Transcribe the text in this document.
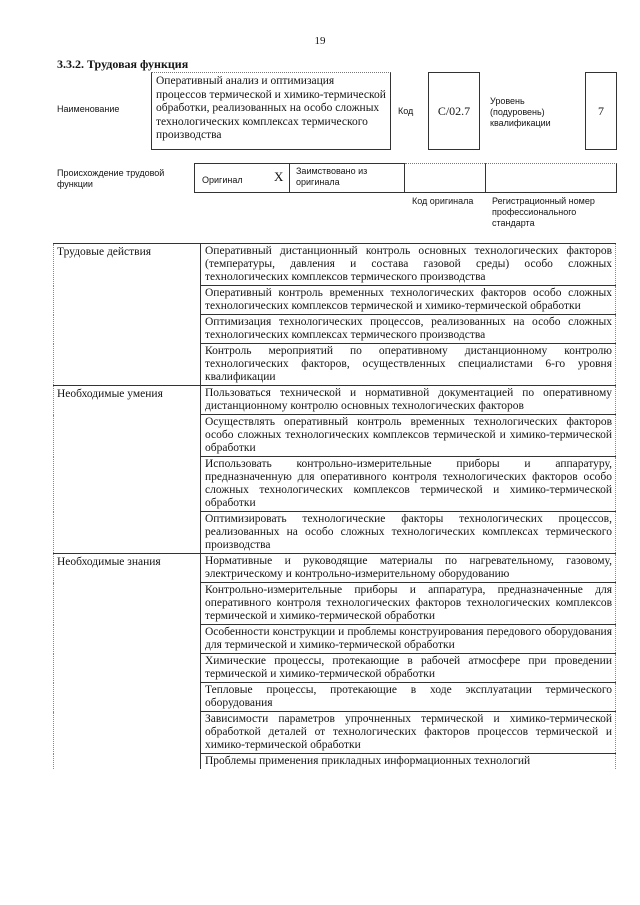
19
3.3.2. Трудовая функция
Наименование
Оперативный анализ и оптимизация процессов термической и химико-термической обработки, реализованных на особо сложных технологических комплексах термического производства
Код	C/02.7
Уровень (подуровень) квалификации
7
Происхождение трудовой функции	Оригинал X Заимствовано из оригинала
Код оригинала Регистрационный номер профессионального стандарта
Трудовые действия	Оперативный дистанционный контроль основных технологических факторов (температуры, давления и состава газовой среды) особо сложных технологических комплексов термического производства
	Оперативный контроль временных технологических факторов особо сложных технологических комплексов термической и химико-термической обработки
	Оптимизация технологических процессов, реализованных на особо сложных технологических комплексах термического производства
	Контроль мероприятий по оперативному дистанционному контролю технологических факторов, осуществленных специалистами 6-го уровня квалификации
Необходимые умения	Пользоваться технической и нормативной документацией по оперативному дистанционному контролю основных технологических факторов
	Осуществлять оперативный контроль временных технологических факторов особо сложных технологических комплексов термической и химико-термической обработки
	Использовать контрольно-измерительные приборы и аппаратуру, предназначенную для оперативного контроля технологических факторов особо сложных технологических комплексов термической и химико-термической обработки
	Оптимизировать технологические факторы технологических процессов, реализованных на особо сложных технологических комплексах термического производства
Необходимые знания	Нормативные и руководящие материалы по нагревательному, газовому, электрическому и контрольно-измерительному оборудованию
	Контрольно-измерительные приборы и аппаратура, предназначенные для оперативного контроля технологических факторов технологических комплексов термической и химико-термической обработки
	Особенности конструкции и проблемы конструирования передового оборудования для термической и химико-термической обработки
	Химические процессы, протекающие в рабочей атмосфере при проведении термической и химико-термической обработки
	Тепловые процессы, протекающие в ходе эксплуатации термического оборудования
	Зависимости параметров упрочненных термической и химико-термической обработкой деталей от технологических факторов процессов термической и химико-термической обработки
	Проблемы применения прикладных информационных технологий
